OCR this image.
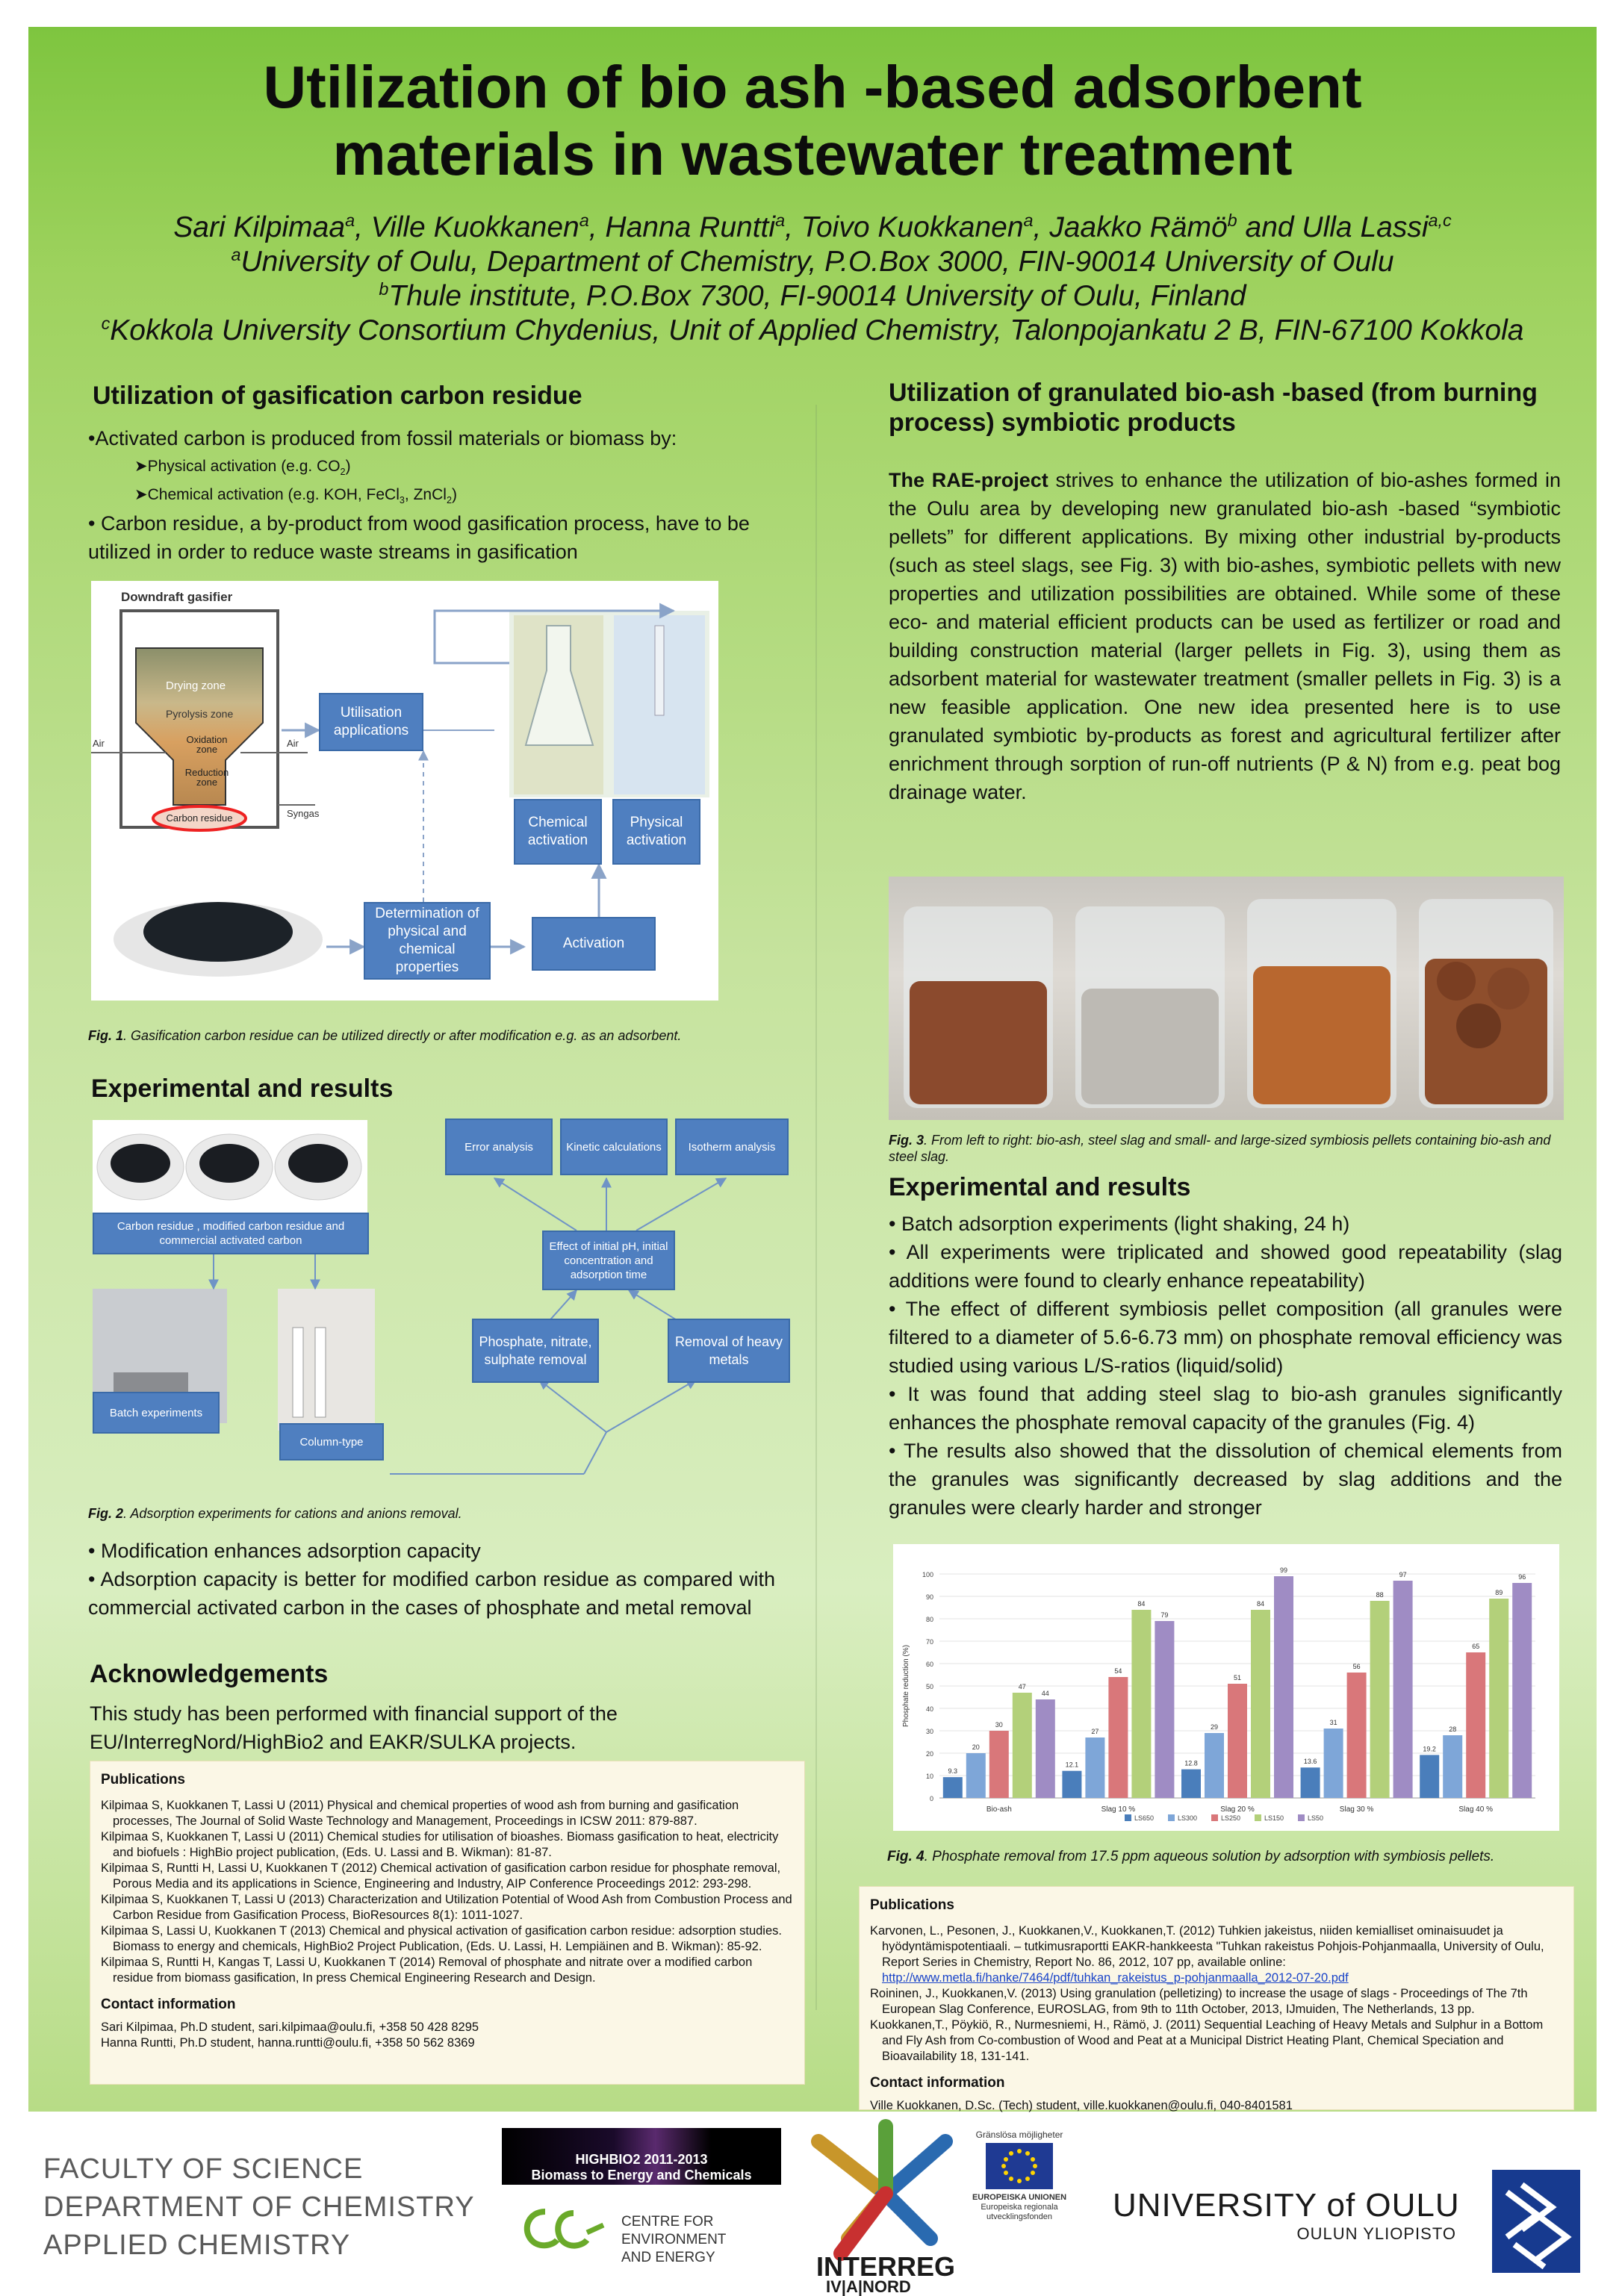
Utilization of bio ash -based adsorbent
materials in wastewater treatment
Sari Kilpimaa$^a$, Ville Kuokkanen$^a$, Hanna Runtti$^a$, Toivo Kuokkanen$^a$, Jaakko Rämö$^b$ and Ulla Lassi$^{a,c}$
$^a$University of Oulu, Department of Chemistry, P.O.Box 3000, FIN-90014 University of Oulu
$^b$Thule institute, P.O.Box 7300, FI-90014 University of Oulu, Finland
$^c$Kokkola University Consortium Chydenius, Unit of Applied Chemistry, Talonpojankatu 2 B, FIN-67100 Kokkola
Utilization of gasification carbon residue

•Activated carbon is produced from fossil materials or biomass by:

➤Physical activation (e.g. $CO_2$)

➤Chemical activation (e.g. KOH, FeCl$_3$, ZnCl$_2$)

• Carbon residue, a by-product from wood gasification process, have to be utilized in order to reduce waste streams in gasification

Downdraft gasifier
Drying zone
Pyrolysis zone
Oxidation zone
Reduction zone
Carbon residue
Air	Air
Syngas
Utilisation applications
Chemical activation
Physical activation
Determination of physical and chemical properties
Activation
Fig. 1. Gasification carbon residue can be utilized directly or after modification e.g. as an adsorbent.
Experimental and results
Carbon residue , modified carbon residue and commercial activated carbon
Error analysis	Kinetic calculations	Isotherm analysis
Effect of initial pH, initial concentration and adsorption time
Phosphate, nitrate, sulphate removal
Removal of heavy metals
Batch experiments
Column-type
Fig. 2. Adsorption experiments for cations and anions removal.

• Modification enhances adsorption capacity

• Adsorption capacity is better for modified carbon residue as compared with commercial activated carbon in the cases of phosphate and metal removal

Acknowledgements
This study has been performed with financial support of the EU/InterregNord/HighBio2 and EAKR/SULKA projects.
Publications

Kilpimaa S, Kuokkanen T, Lassi U (2011) Physical and chemical properties of wood ash from burning and gasification processes, The Journal of Solid Waste Technology and Management, Proceedings in ICSW 2011: 879-887.

Kilpimaa S, Kuokkanen T, Lassi U (2011) Chemical studies for utilisation of bioashes. Biomass gasification to heat, electricity and biofuels : HighBio project publication, (Eds. U. Lassi and B. Wikman): 81-87.

Kilpimaa S, Runtti H, Lassi U, Kuokkanen T (2012) Chemical activation of gasification carbon residue for phosphate removal, Porous Media and its applications in Science, Engineering and Industry, AIP Conference Proceedings 2012: 293-298.

Kilpimaa S, Kuokkanen T, Lassi U (2013) Characterization and Utilization Potential of Wood Ash from Combustion Process and Carbon Residue from Gasification Process, BioResources 8(1): 1011-1027.

Kilpimaa S, Lassi U, Kuokkanen T (2013) Chemical and physical activation of gasification carbon residue: adsorption studies. Biomass to energy and chemicals, HighBio2 Project Publication, (Eds. U. Lassi, H. Lempiäinen and B. Wikman): 85-92.

Kilpimaa S, Runtti H, Kangas T, Lassi U, Kuokkanen T (2014) Removal of phosphate and nitrate over a modified carbon residue from biomass gasification, In press Chemical Engineering Research and Design.

Contact information

Sari Kilpimaa, Ph.D student, sari.kilpimaa@oulu.fi, +358 50 428 8295

Hanna Runtti, Ph.D student, hanna.runtti@oulu.fi, +358 50 562 8369

Utilization of granulated bio-ash -based (from burning process) symbiotic products
The RAE-project strives to enhance the utilization of bio-ashes formed in the Oulu area by developing new granulated bio-ash -based “symbiotic pellets” for different applications. By mixing other industrial by-products (such as steel slags, see Fig. 3) with bio-ashes, symbiotic pellets with new properties and utilization possibilities are obtained. While some of these eco- and material efficient products can be used as fertilizer or road and building construction material (larger pellets in Fig. 3), using them as adsorbent material for wastewater treatment (smaller pellets in Fig. 3) is a new feasible application. One new idea presented here is to use granulated symbiotic by-products as forest and agricultural fertilizer after enrichment through sorption of run-off nutrients (P & N) from e.g. peat bog drainage water.
Fig. 3. From left to right: bio-ash, steel slag and small- and large-sized symbiosis pellets containing bio-ash and steel slag.
Experimental and results

• Batch adsorption experiments (light shaking, 24 h)

• All experiments were triplicated and showed good repeatability (slag additions were found to clearly enhance repeatability)

• The effect of different symbiosis pellet composition (all granules were filtered to a diameter of 5.6-6.73 mm) on phosphate removal efficiency was studied using various L/S-ratios (liquid/solid)

• It was found that adding steel slag to bio-ash granules significantly enhances the phosphate removal capacity of the granules (Fig. 4)

• The results also showed that the dissolution of chemical elements from the granules was significantly decreased by slag additions and the granules were clearly harder and stronger

0
10
20
30
40
50
60
70
80
90
100
Phosphate reduction (%)
9.3
20
30
47
44
Bio-ash
12.1
27
54
84
79
Slag 10 %
12.8
29
51
84
99
Slag 20 %
13.6
31
56
88
97
Slag 30 %
19.2
28
65
89
96
Slag 40 %
LS650	LS300	LS250	LS150	LS50
Fig. 4. Phosphate removal from 17.5 ppm aqueous solution by adsorption with symbiosis pellets.
Publications

Karvonen, L., Pesonen, J., Kuokkanen,V., Kuokkanen,T. (2012) Tuhkien jakeistus, niiden kemialliset ominaisuudet ja hyödyntämispotentiaali. – tutkimusraportti EAKR-hankkeesta "Tuhkan rakeistus Pohjois-Pohjanmaalla, University of Oulu, Report Series in Chemistry, Report No. 86, 2012, 107 pp, available online:

http://www.metla.fi/hanke/7464/pdf/tuhkan_rakeistus_p-pohjanmaalla_2012-07-20.pdf

Roininen, J., Kuokkanen,V. (2013) Using granulation (pelletizing) to increase the usage of slags - Proceedings of The 7th European Slag Conference, EUROSLAG, from 9th to 11th October, 2013, IJmuiden, The Netherlands, 13 pp.

Kuokkanen,T., Pöykiö, R., Nurmesniemi, H., Rämö, J. (2011) Sequential Leaching of Heavy Metals and Sulphur in a Bottom and Fly Ash from Co-combustion of Wood and Peat at a Municipal District Heating Plant, Chemical Speciation and Bioavailability 18, 131-141.

Contact information

Ville Kuokkanen, D.Sc. (Tech) student, ville.kuokkanen@oulu.fi, 040-8401581

FACULTY OF SCIENCE
DEPARTMENT OF CHEMISTRY
APPLIED CHEMISTRY
HIGHBIO2 2011-2013
Biomass to Energy and Chemicals
CENTRE FOR ENVIRONMENT
AND ENERGY	INTERREG
IV|A|NORD
Gränslösa möjligheter
EUROPEISKA UNIONEN
Europeiska regionala
utvecklingsfonden	UNIVERSITY of OULU
OULUN YLIOPISTO
